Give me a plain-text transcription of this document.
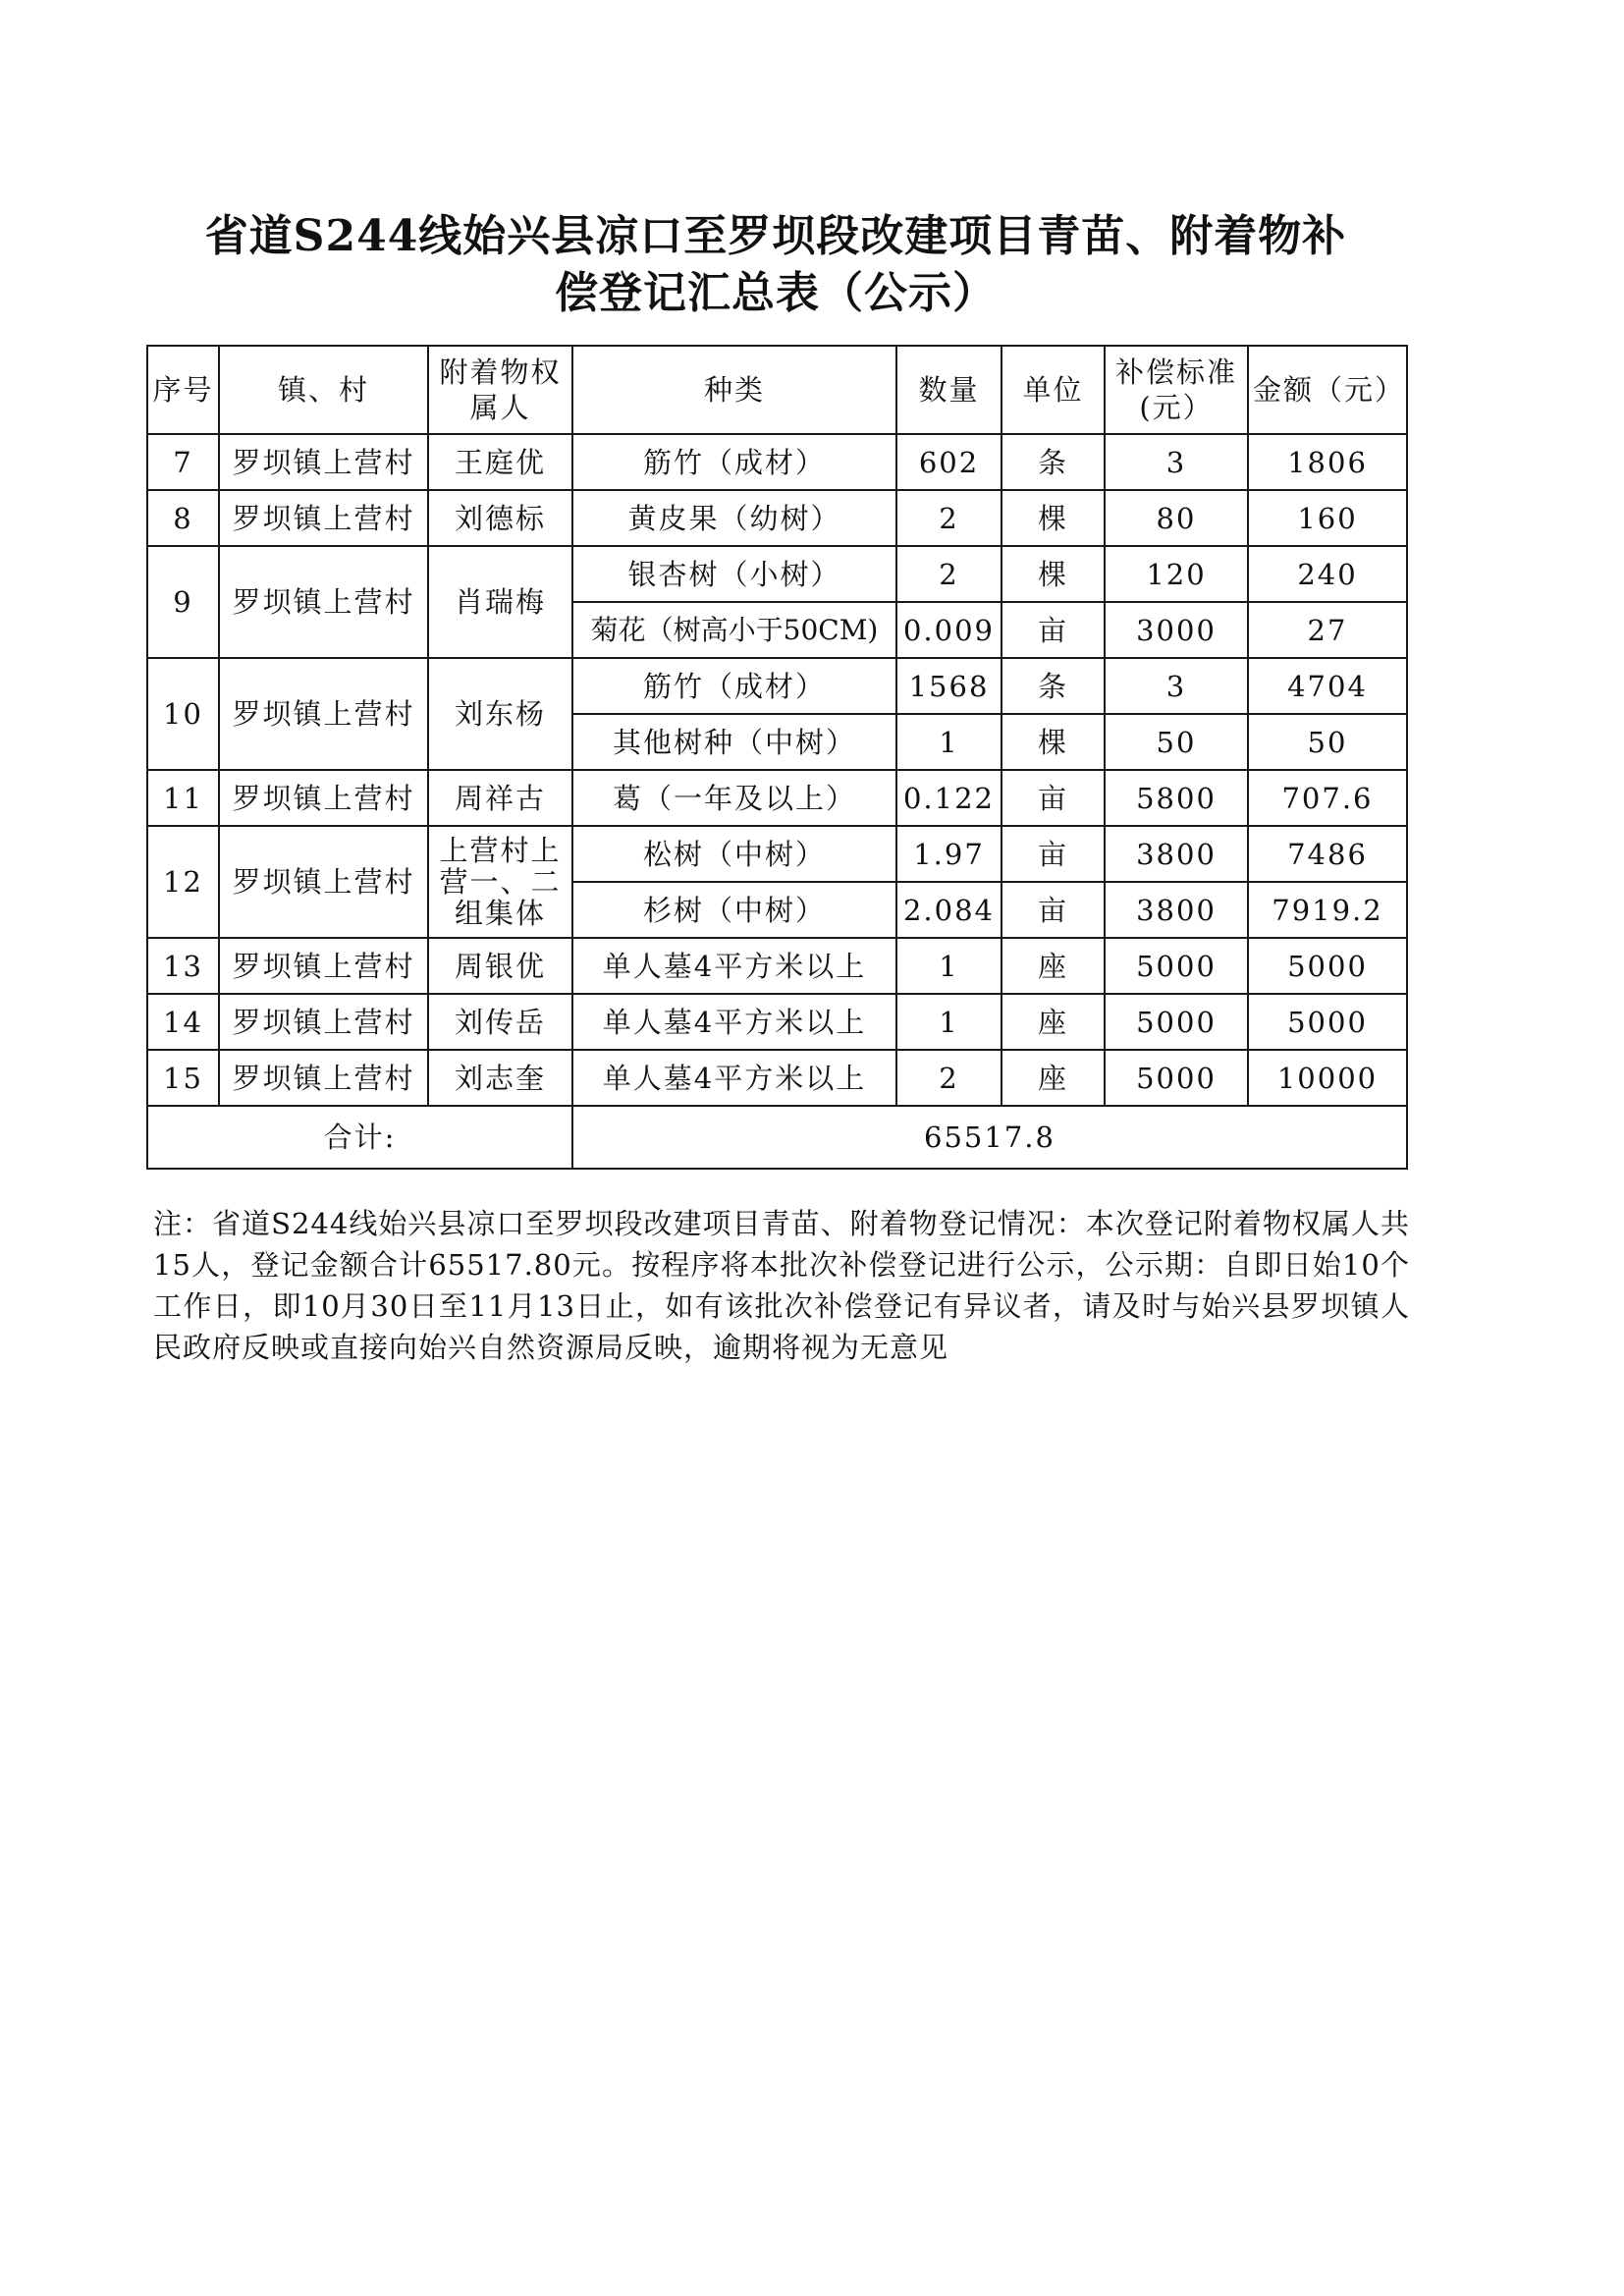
省道S244线始兴县凉口至罗坝段改建项目青苗、附着物补
偿登记汇总表（公示）
序号	镇、村	附着物权属人	种类	数量	单位	补偿标准(元）	金额（元）
7	罗坝镇上营村	王庭优	筋竹（成材）	602	条	3	1806
8	罗坝镇上营村	刘德标	黄皮果（幼树）	2	棵	80	160
9	罗坝镇上营村	肖瑞梅	银杏树（小树）	2	棵	120	240
			菊花（树高小于50CM)	0.009	亩	3000	27
10	罗坝镇上营村	刘东杨	筋竹（成材）	1568	条	3	4704
			其他树种（中树）	1	棵	50	50
11	罗坝镇上营村	周祥古	葛（一年及以上）	0.122	亩	5800	707.6
12	罗坝镇上营村	上营村上营一、二组集体	松树（中树）	1.97	亩	3800	7486
			杉树（中树）	2.084	亩	3800	7919.2
13	罗坝镇上营村	周银优	单人墓4平方米以上	1	座	5000	5000
14	罗坝镇上营村	刘传岳	单人墓4平方米以上	1	座	5000	5000
15	罗坝镇上营村	刘志奎	单人墓4平方米以上	2	座	5000	10000
合计:			65517.8				
注：省道S244线始兴县凉口至罗坝段改建项目青苗、附着物登记情况：本次登记附着物权属人共15人，登记金额合计65517.80元。按程序将本批次补偿登记进行公示，公示期：自即日始10个工作日，即10月30日至11月13日止，如有该批次补偿登记有异议者，请及时与始兴县罗坝镇人民政府反映或直接向始兴自然资源局反映，逾期将视为无意见
